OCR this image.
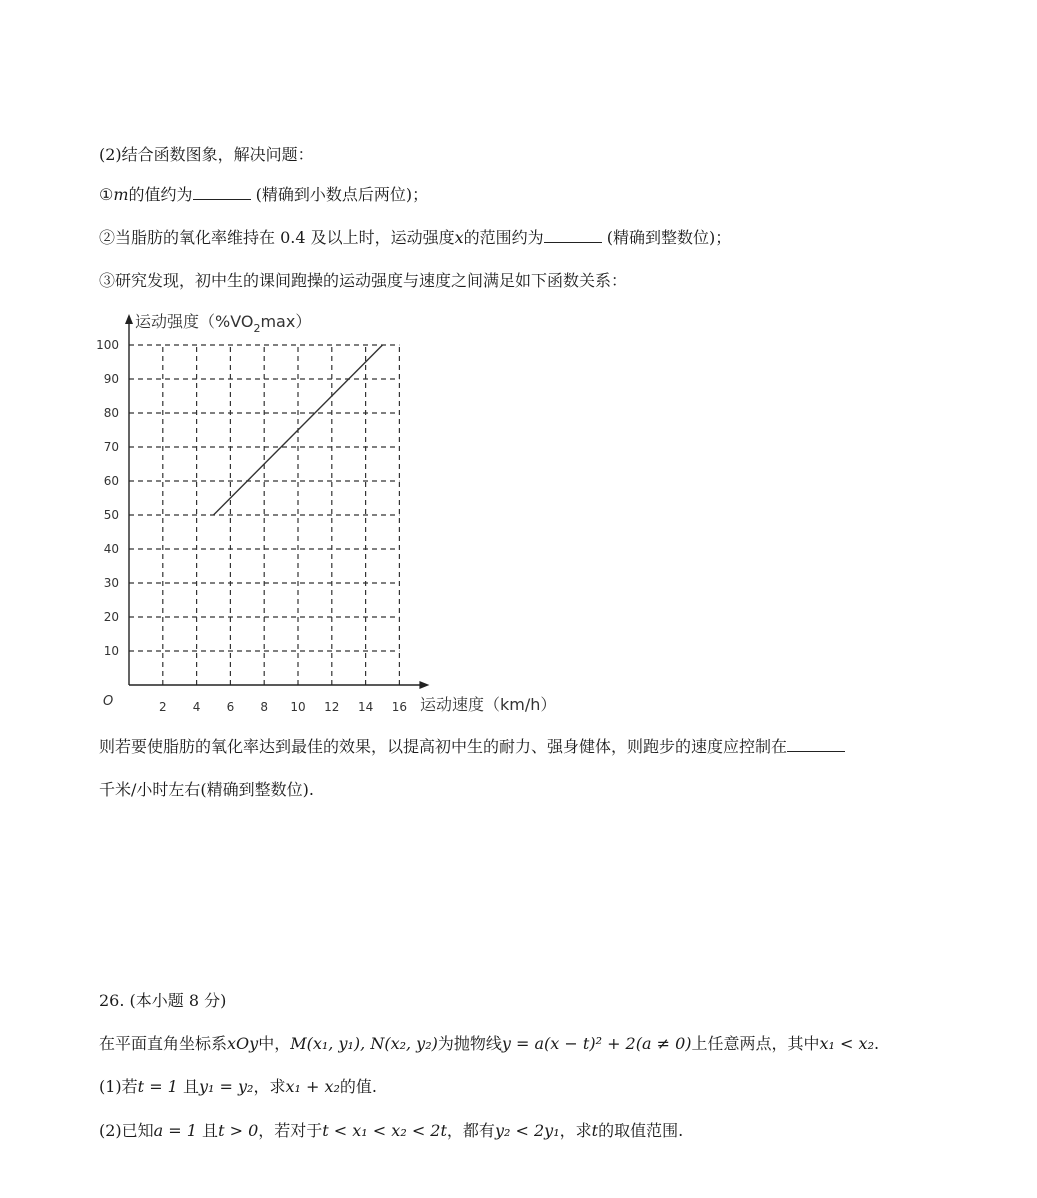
(2)结合函数图象，解决问题：
①m的值约为	(精确到小数点后两位)；
②当脂肪的氧化率维持在 0.4 及以上时，运动强度x的范围约为	(精确到整数位)；
③研究发现，初中生的课间跑操的运动强度与速度之间满足如下函数关系：
2 4 6 8 10 12 14 16
10
20
30
40
50
60
70
80
90
100
运动强度$(\%VO_2\max)$
运动速度（km/h）
O
则若要使脂肪的氧化率达到最佳的效果，以提高初中生的耐力、强身健体，则跑步的速度应控制在
千米/小时左右(精确到整数位).
26. (本小题 8 分)
在平面直角坐标系xOy中，M(x₁, y₁), N(x₂, y₂)为抛物线y = a(x − t)² + 2(a ≠ 0)上任意两点，其中x₁ < x₂.
(1)若t = 1 且y₁ = y₂，求x₁ + x₂的值.
(2)已知a = 1 且t > 0，若对于t < x₁ < x₂ < 2t，都有y₂ < 2y₁，求t的取值范围.
